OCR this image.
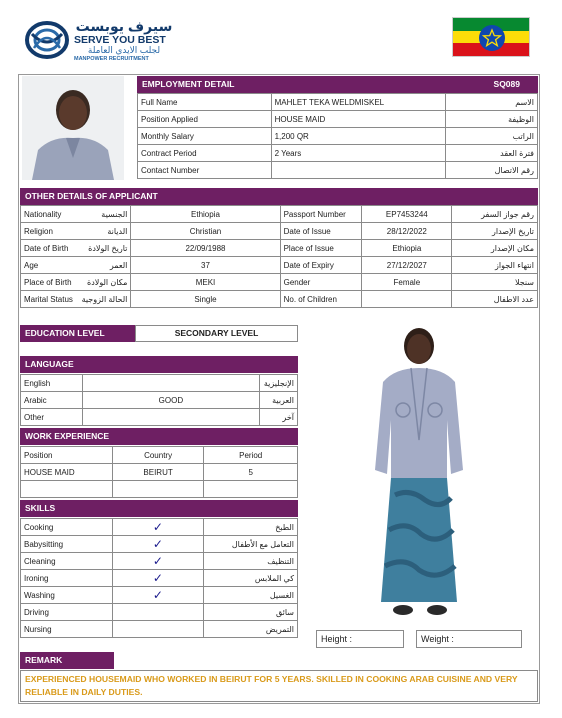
سيرف يوبست
SERVE YOU BEST
لجلب الايدي العاملة
MANPOWER RECRUITMENT
EMPLOYMENT DETAIL	SQ089
Full Name	MAHLET TEKA WELDMISKEL	الاسم
Position Applied	HOUSE MAID	الوظيفة
Monthly Salary	1,200 QR	الراتب
Contract Period	2 Years	فترة العقد
Contact Number		رقم الاتصال
OTHER DETAILS OF APPLICANT
Nationality	الجنسية	Ethiopia	Passport Number	EP7453244	رقم جواز السفر
Religion	الديانة	Christian	Date of Issue	28/12/2022	تاريخ الإصدار
Date of Birth	تاريخ الولادة	22/09/1988	Place of Issue	Ethiopia	مكان الإصدار
Age	العمر	37	Date of Expiry	27/12/2027	انتهاء الجواز
Place of Birth	مكان الولادة	MEKI	Gender	Female	سنجلا
Marital Status	الحالة الزوجية	Single	No. of Children		عدد الاطفال
EDUCATION LEVEL	SECONDARY LEVEL
LANGUAGE
English		الإنجليزية
Arabic	GOOD	العربية
Other		آخر
WORK EXPERIENCE
Position	Country	Period
HOUSE MAID	BEIRUT	5

SKILLS
Cooking	✓	الطبخ
Babysitting	✓	التعامل مع الأطفال
Cleaning	✓	التنظيف
Ironing	✓	كي الملابس
Washing	✓	الغسيل
Driving		سائق
Nursing		التمريض
Height :	Weight :
REMARK
EXPERIENCED HOUSEMAID WHO WORKED IN BEIRUT FOR 5 YEARS. SKILLED IN COOKING ARAB CUISINE AND VERY RELIABLE IN DAILY DUTIES.
